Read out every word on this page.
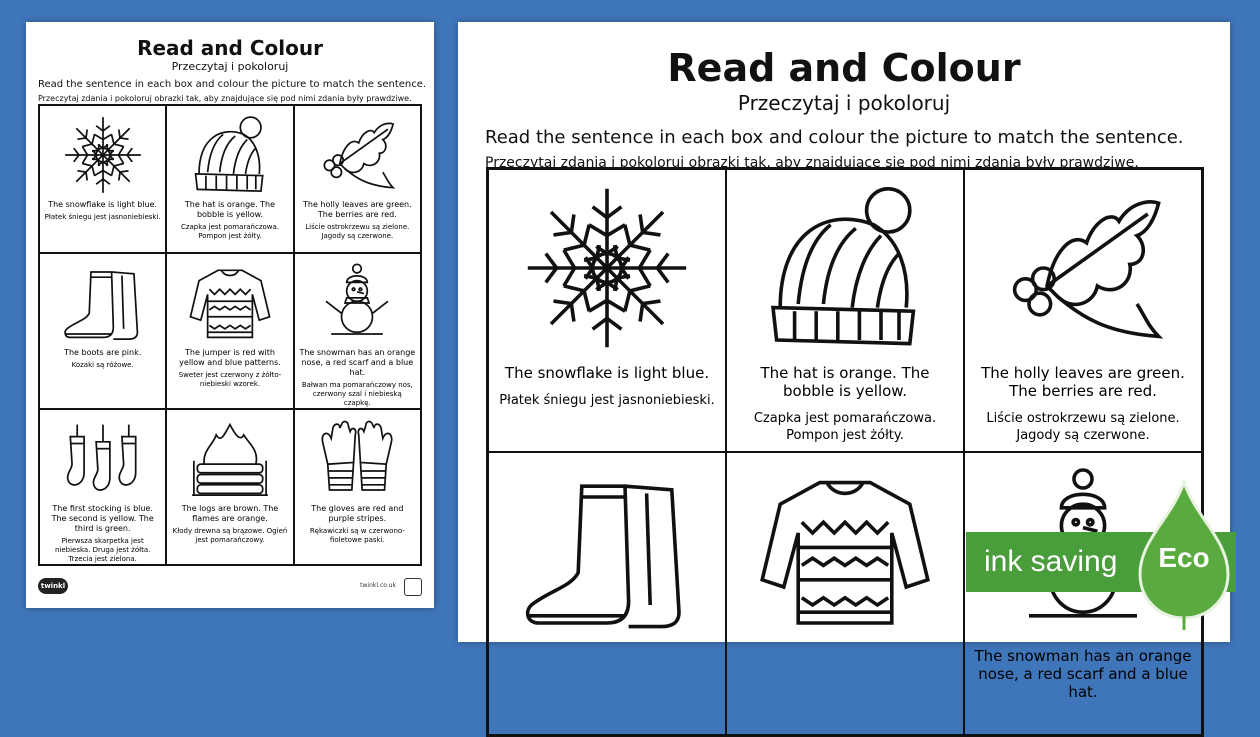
Read and Colour
Przeczytaj i pokoloruj
Read the sentence in each box and colour the picture to match the sentence.
Przeczytaj zdania i pokoloruj obrazki tak, aby znajdujące się pod nimi zdania były prawdziwe.
The snowflake is light blue.
Płatek śniegu jest jasnoniebieski.
The hat is orange. The bobble is yellow.
Czapka jest pomarańczowa. Pompon jest żółty.
The holly leaves are green. The berries are red.
Liście ostrokrzewu są zielone. Jagody są czerwone.
The boots are pink.
Kozaki są różowe.
The jumper is red with yellow and blue patterns.
Sweter jest czerwony z żółto-niebieski wzorek.
The snowman has an orange nose, a red scarf and a blue hat.
Bałwan ma pomarańczowy nos, czerwony szal i niebieską czapkę.
The first stocking is blue. The second is yellow. The third is green.
Pierwsza skarpetka jest niebieska. Druga jest żółta. Trzecia jest zielona.
The logs are brown. The flames are orange.
Kłody drewna są brązowe. Ogień jest pomarańczowy.
The gloves are red and purple stripes.
Rękawiczki są w czerwono-fioletowe paski.
twinkl	twinkl.co.uk
Read and Colour
Przeczytaj i pokoloruj
Read the sentence in each box and colour the picture to match the sentence.
Przeczytaj zdania i pokoloruj obrazki tak, aby znajdujące się pod nimi zdania były prawdziwe.
The snowflake is light blue.
Płatek śniegu jest jasnoniebieski.
The hat is orange. The bobble is yellow.
Czapka jest pomarańczowa. Pompon jest żółty.
The holly leaves are green. The berries are red.
Liście ostrokrzewu są zielone. Jagody są czerwone.
The snowman has an orange nose, a red scarf and a blue hat.
ink saving	Eco
